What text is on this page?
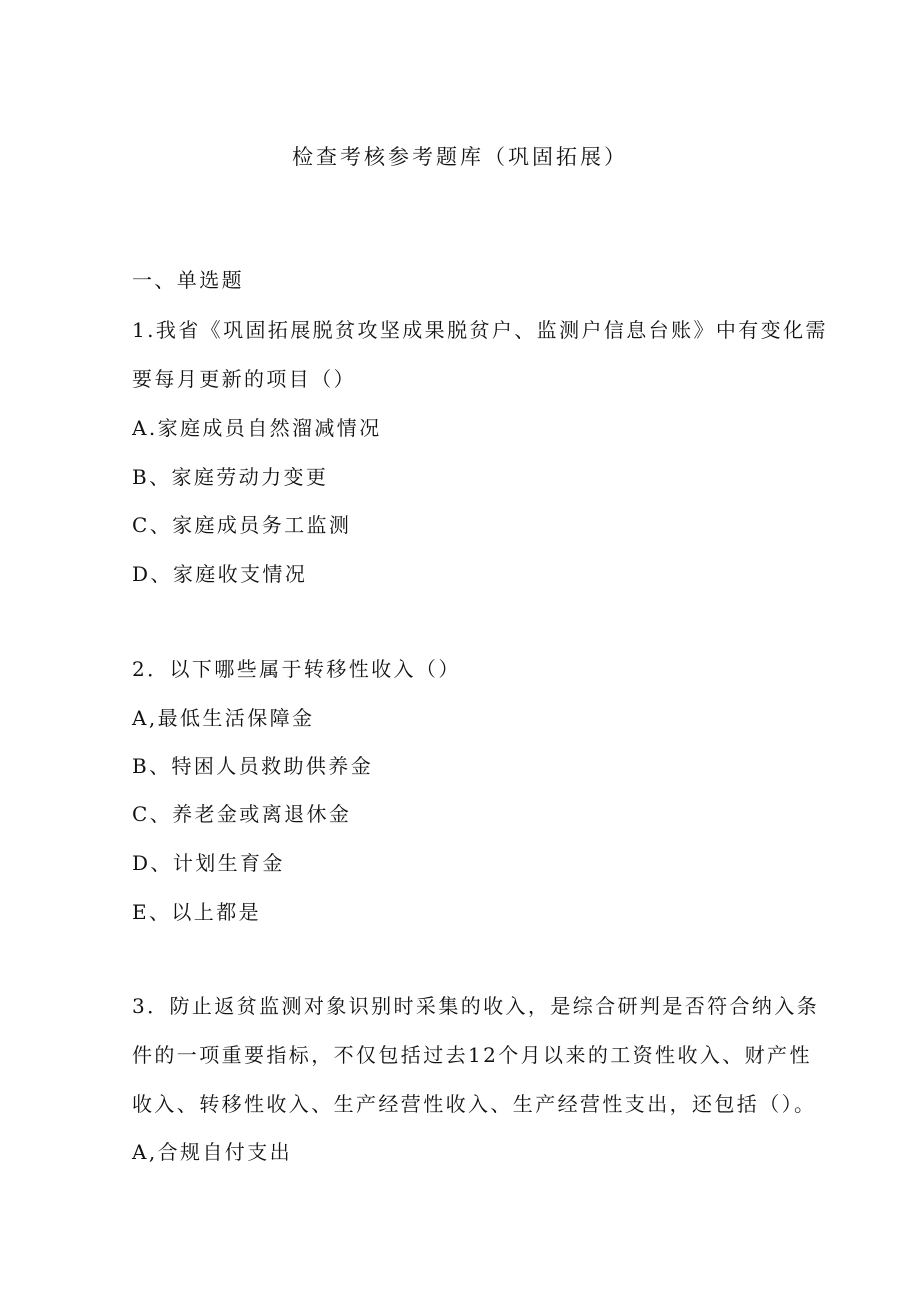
检查考核参考题库（巩固拓展）
一、单选题
1.我省《巩固拓展脱贫攻坚成果脱贫户、监测户信息台账》中有变化需
要每月更新的项目（）
A.家庭成员自然溜减情况
B、家庭劳动力变更
C、家庭成员务工监测
D、家庭收支情况
2．以下哪些属于转移性收入（）
A,最低生活保障金
B、特困人员救助供养金
C、养老金或离退休金
D、计划生育金
E、以上都是
3．防止返贫监测对象识别时采集的收入，是综合研判是否符合纳入条
件的一项重要指标，不仅包括过去12个月以来的工资性收入、财产性
收入、转移性收入、生产经营性收入、生产经营性支出，还包括（）。
A,合规自付支出
